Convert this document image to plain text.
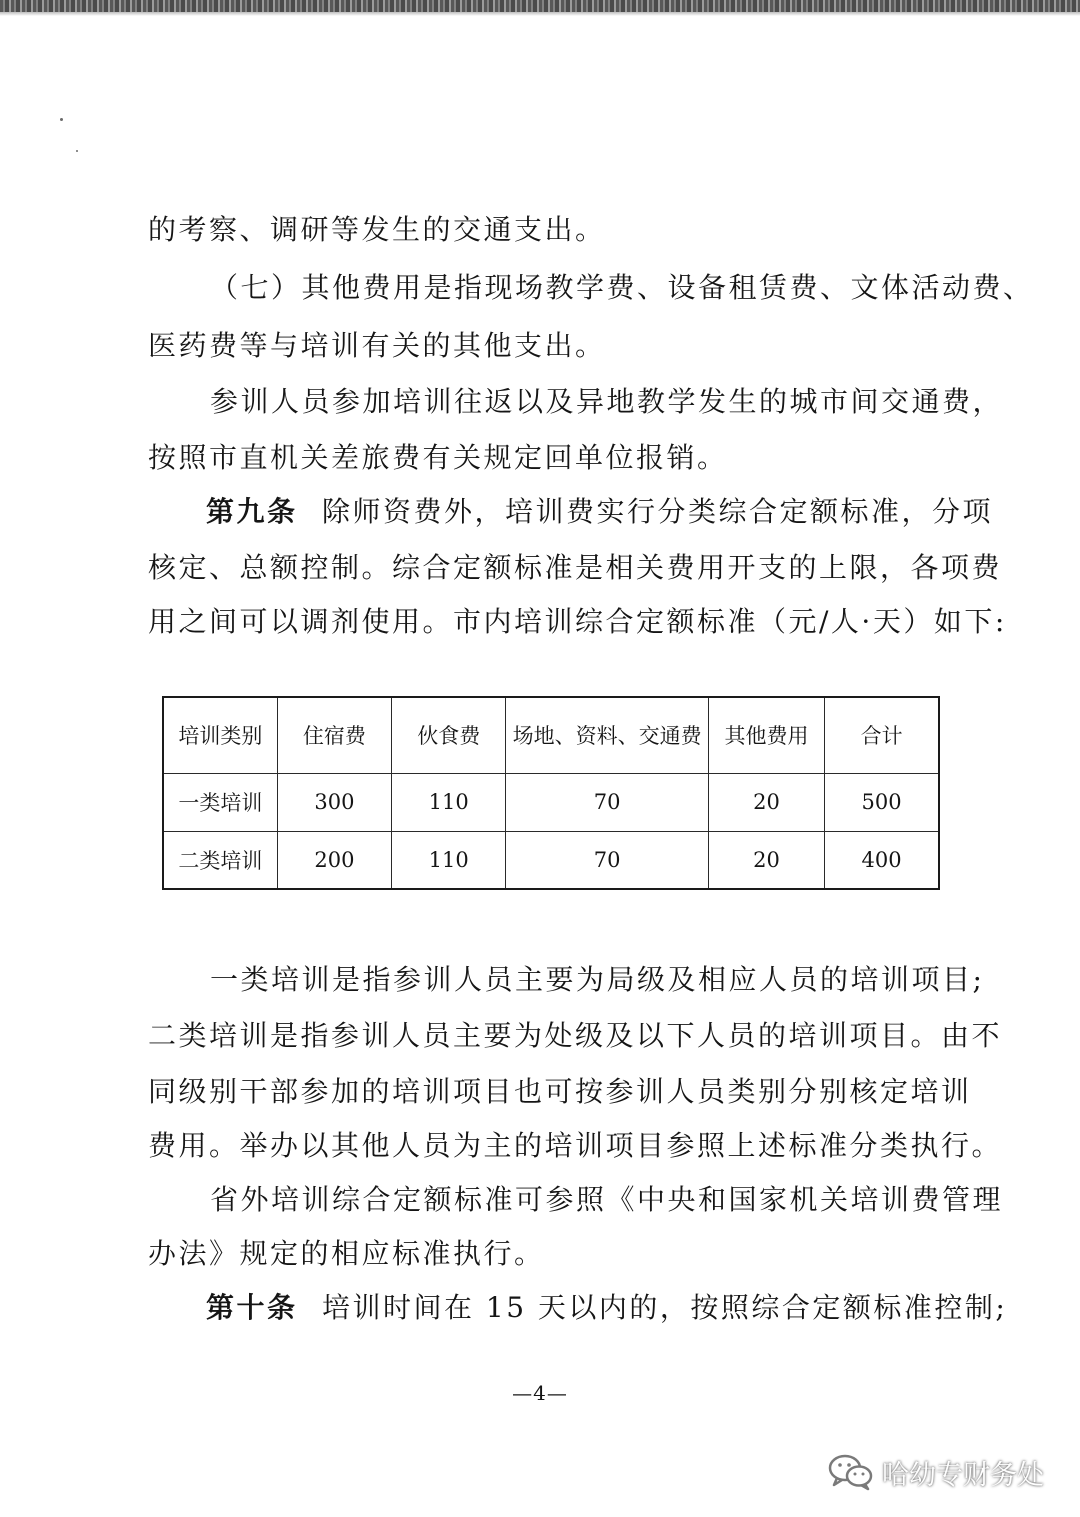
的考察、调研等发生的交通支出。
（七）其他费用是指现场教学费、设备租赁费、文体活动费、
医药费等与培训有关的其他支出。
参训人员参加培训往返以及异地教学发生的城市间交通费，
按照市直机关差旅费有关规定回单位报销。
第九条 除师资费外，培训费实行分类综合定额标准，分项
核定、总额控制。综合定额标准是相关费用开支的上限，各项费
用之间可以调剂使用。市内培训综合定额标准（元/人·天）如下:
培训类别	住宿费	伙食费	场地、资料、交通费	其他费用	合计
一类培训	300	110	70	20	500
二类培训	200	110	70	20	400
一类培训是指参训人员主要为局级及相应人员的培训项目;
二类培训是指参训人员主要为处级及以下人员的培训项目。由不
同级别干部参加的培训项目也可按参训人员类别分别核定培训
费用。举办以其他人员为主的培训项目参照上述标准分类执行。
省外培训综合定额标准可参照《中央和国家机关培训费管理
办法》规定的相应标准执行。
第十条 培训时间在 15 天以内的，按照综合定额标准控制;
—4—
哈幼专财务处
